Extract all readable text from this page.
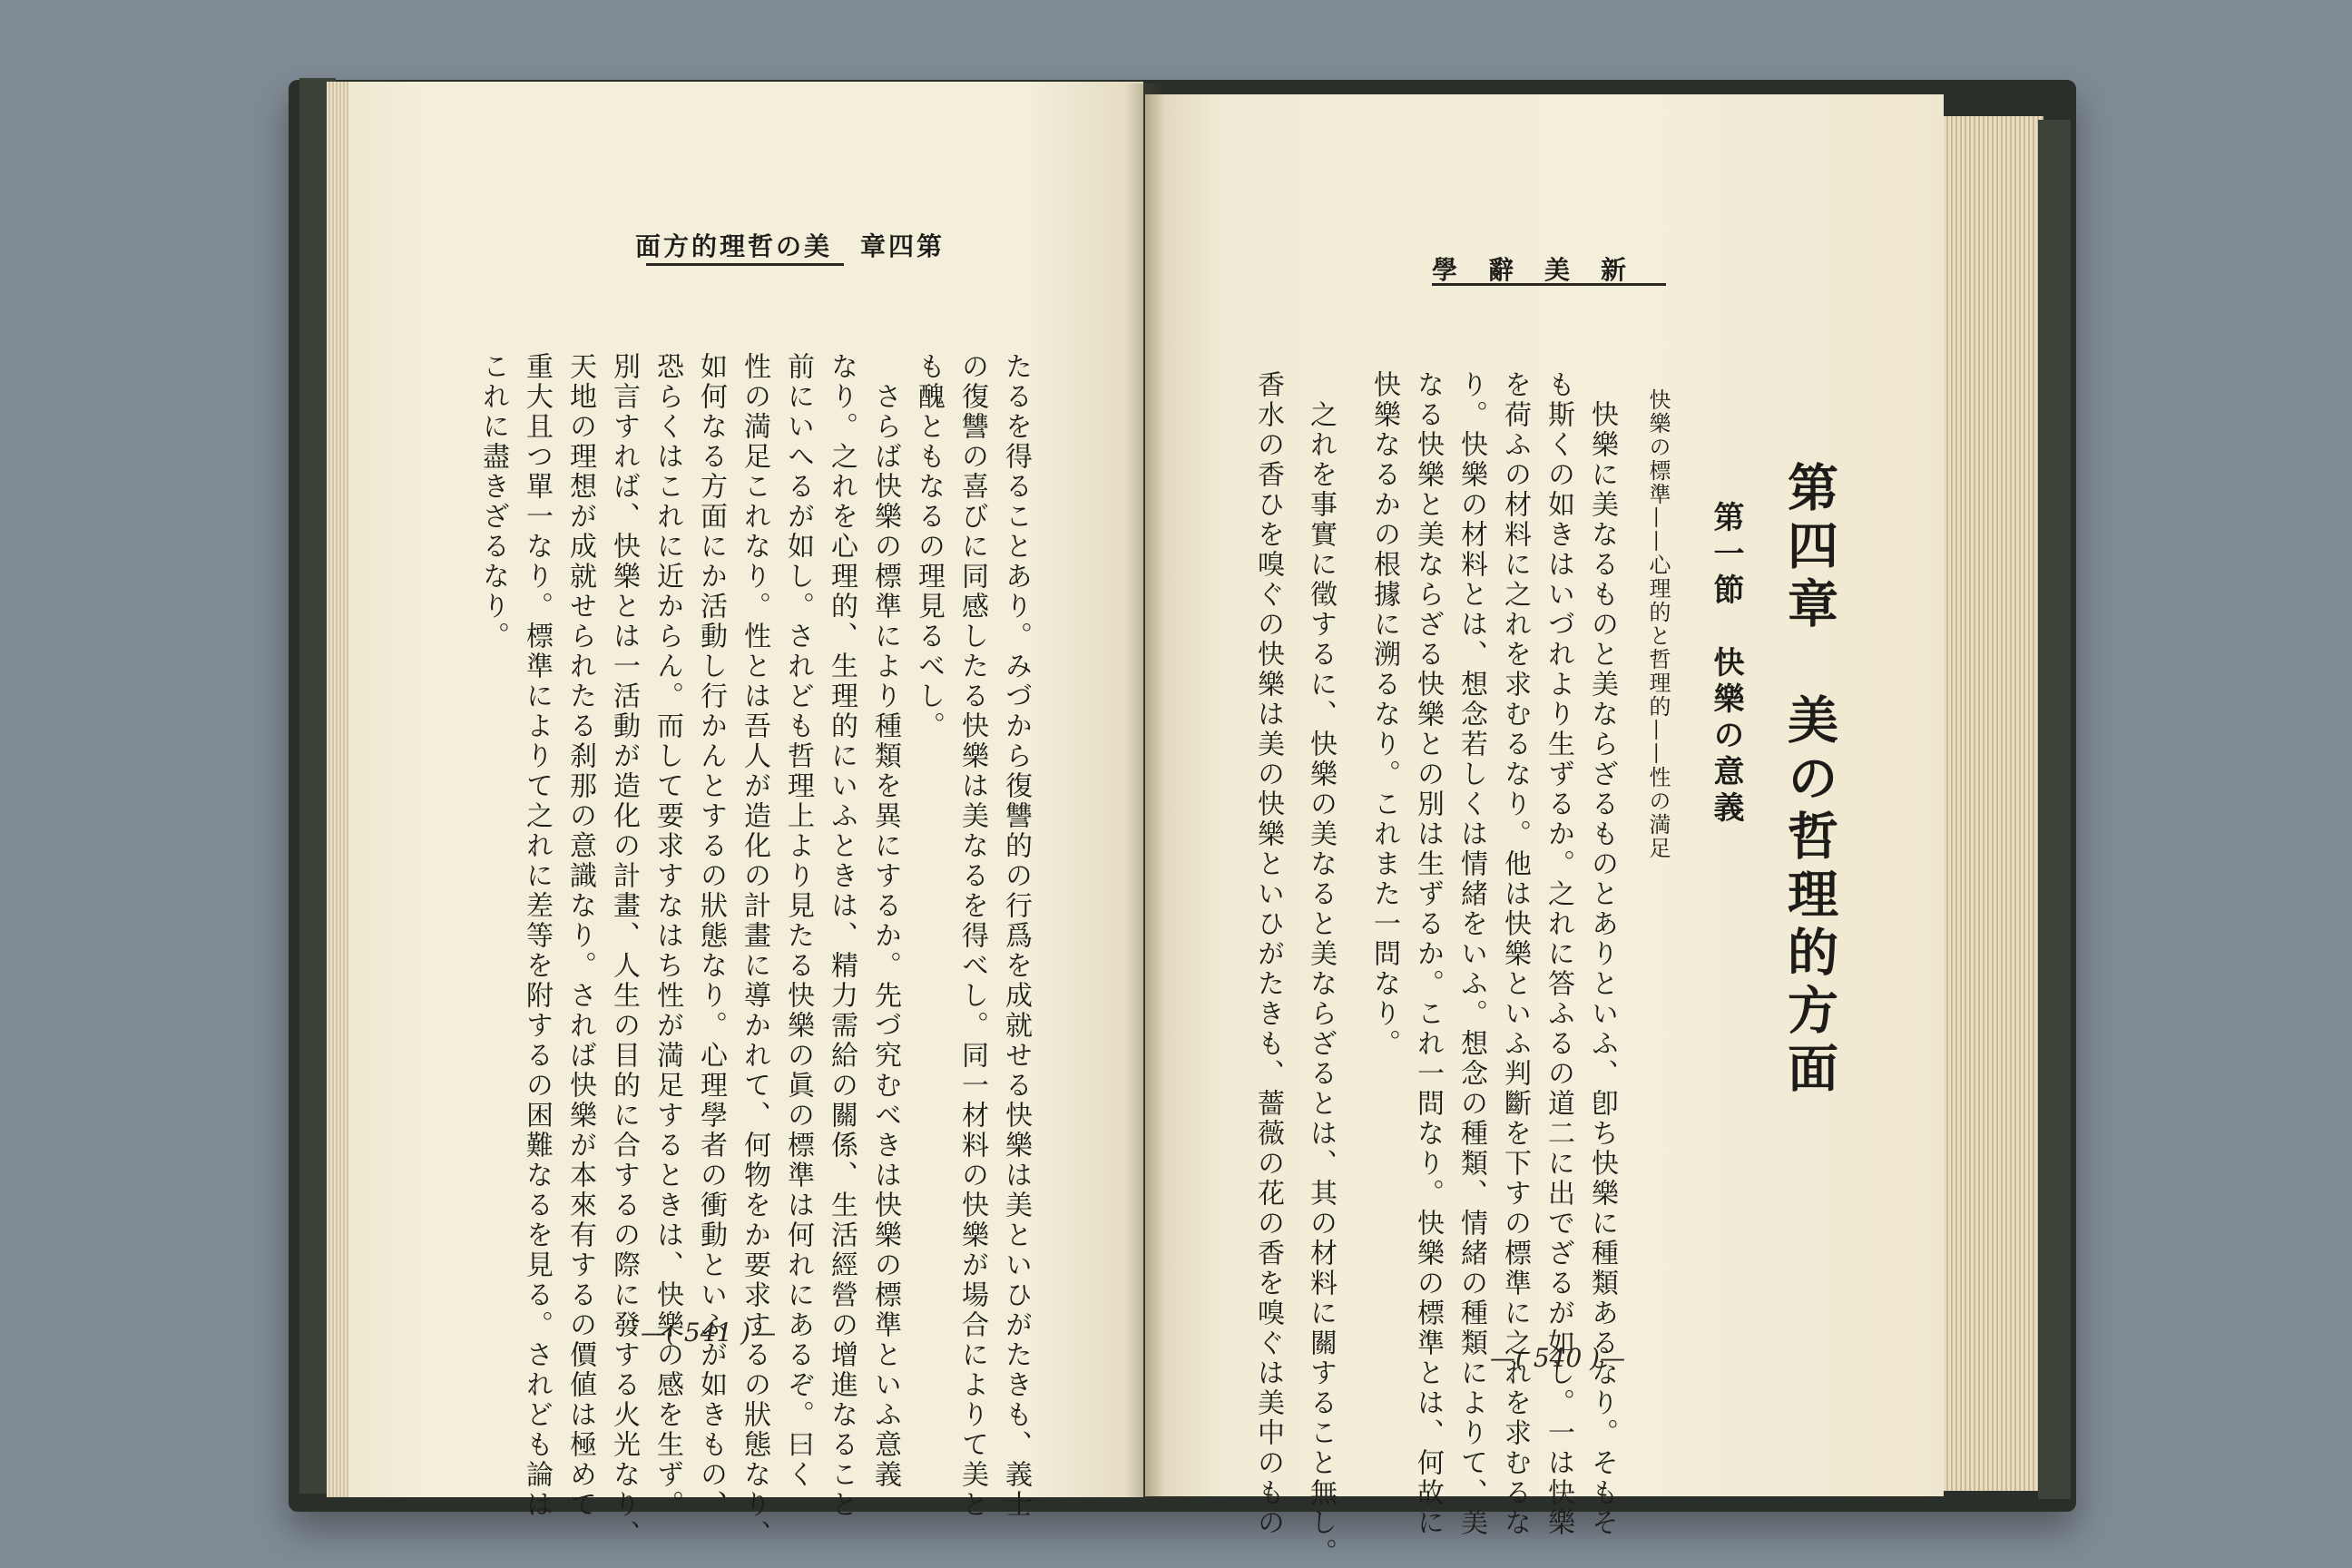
第四章　美の哲理的方面
たるを得ることあり。みづから復讐的の行爲を成就せる快樂は美といひがたきも、義士
の復讐の喜びに同感したる快樂は美なるを得べし。同一材料の快樂が場合によりて美と
も醜ともなるの理見るべし。
　さらば快樂の標準により種類を異にするか。先づ究むべきは快樂の標準といふ意義
なり。之れを心理的、生理的にいふときは、精力需給の關係、生活經營の增進なること
前にいへるが如し。されども哲理上より見たる快樂の眞の標準は何れにあるぞ。曰く
性の満足これなり。性とは吾人が造化の計畫に導かれて、何物をか要求するの狀態なり、
如何なる方面にか活動し行かんとするの狀態なり。心理學者の衝動といふが如きもの、
恐らくはこれに近からん。而して要求すなはち性が満足するときは、快樂の感を生ず。
別言すれば、快樂とは一活動が造化の計畫、人生の目的に合するの際に發する火光なり、
天地の理想が成就せられたる刹那の意識なり。されば快樂が本來有するの價値は極めて
重大且つ單一なり。標準によりて之れに差等を附するの困難なるを見る。されども論は
これに盡きざるなり。
—( 541 )—
新　美　辭　學
第四章　美の哲理的方面
第一節　快樂の意義
快樂の標準——心理的と哲理的——性の満足
　快樂に美なるものと美ならざるものとありといふ、卽ち快樂に種類あるなり。そもそ
も斯くの如きはいづれより生ずるか。之れに答ふるの道二に出でざるが如し。一は快樂
を荷ふの材料に之れを求むるなり。他は快樂といふ判斷を下すの標準に之れを求むるな
り。快樂の材料とは、想念若しくは情緒をいふ。想念の種類、情緒の種類によりて、美
なる快樂と美ならざる快樂との別は生ずるか。これ一問なり。快樂の標準とは、何故に
快樂なるかの根據に溯るなり。これまた一問なり。
　之れを事實に徵するに、快樂の美なると美ならざるとは、其の材料に關すること無し。
香水の香ひを嗅ぐの快樂は美の快樂といひがたきも、薔薇の花の香を嗅ぐは美中のもの	—( 540 )—
